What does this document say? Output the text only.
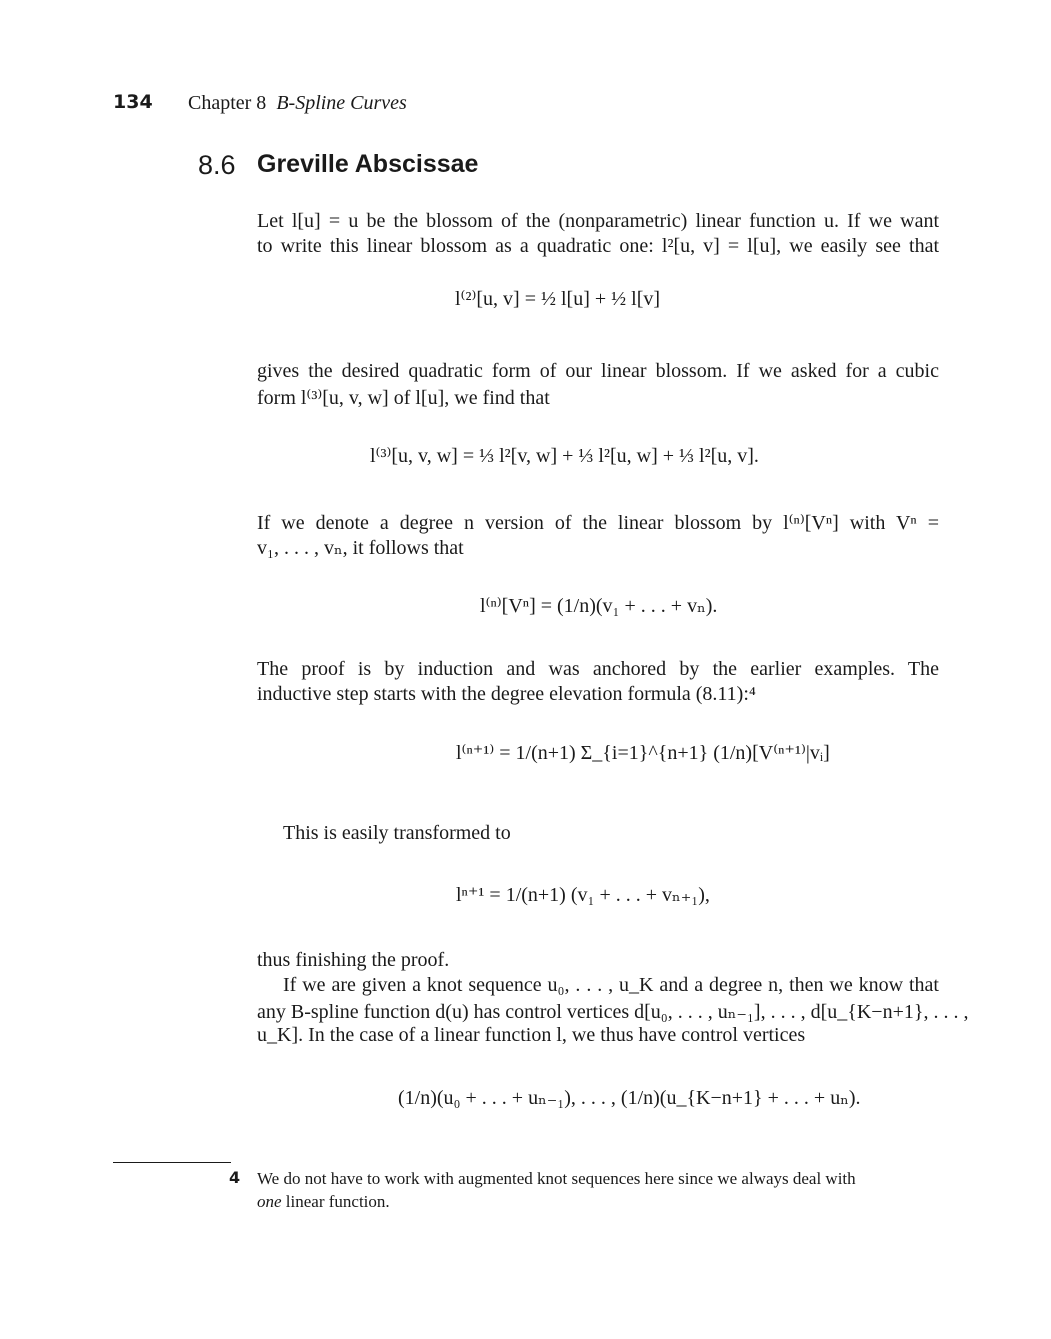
134 Chapter 8 B-Spline Curves
8.6 Greville Abscissae
Let l[u] = u be the blossom of the (nonparametric) linear function u. If we want
to write this linear blossom as a quadratic one: l²[u, v] = l[u], we easily see that
l⁽²⁾[u, v] = ½ l[u] + ½ l[v]
gives the desired quadratic form of our linear blossom. If we asked for a cubic
form l⁽³⁾[u, v, w] of l[u], we find that
l⁽³⁾[u, v, w] = ⅓ l²[v, w] + ⅓ l²[u, w] + ⅓ l²[u, v].
If we denote a degree n version of the linear blossom by l⁽ⁿ⁾[Vⁿ] with Vⁿ =
v₁, . . . , vₙ, it follows that
l⁽ⁿ⁾[Vⁿ] = (1/n)(v₁ + . . . + vₙ).
The proof is by induction and was anchored by the earlier examples. The
inductive step starts with the degree elevation formula (8.11):⁴
l⁽ⁿ⁺¹⁾ = 1/(n+1) Σ_{i=1}^{n+1} (1/n)[V⁽ⁿ⁺¹⁾|vᵢ]
This is easily transformed to
lⁿ⁺¹ = 1/(n+1) (v₁ + . . . + vₙ₊₁),
thus finishing the proof.
If we are given a knot sequence u₀, . . . , u_K and a degree n, then we know that
any B-spline function d(u) has control vertices d[u₀, . . . , uₙ₋₁], . . . , d[u_{K−n+1}, . . . ,
u_K]. In the case of a linear function l, we thus have control vertices
(1/n)(u₀ + . . . + uₙ₋₁), . . . , (1/n)(u_{K−n+1} + . . . + uₙ).
4 We do not have to work with augmented knot sequences here since we always deal with
one linear function.
